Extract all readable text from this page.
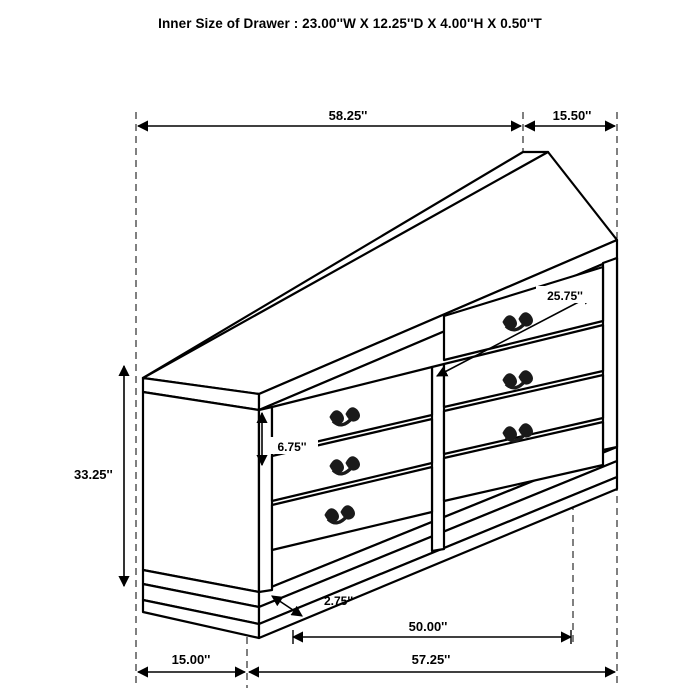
Inner Size of Drawer : 23.00''W X 12.25''D X 4.00''H X 0.50''T
58.25''	15.50''
25.75''
33.25''
6.75''
2.75''
50.00''
15.00''	57.25''
